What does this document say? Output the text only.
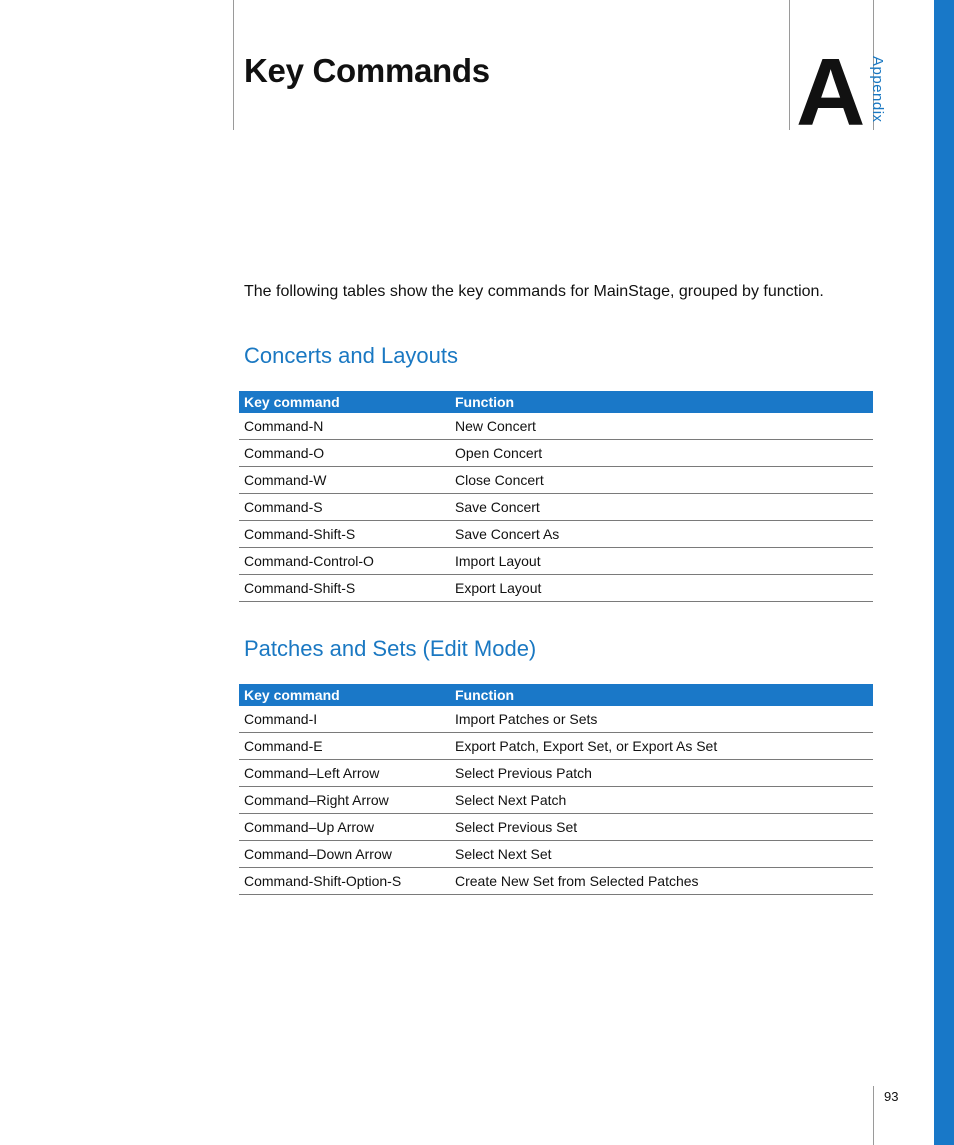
Key Commands	A Appendix

The following tables show the key commands for MainStage, grouped by function.

Concerts and Layouts
Key command	Function
Command-N	New Concert
Command-O	Open Concert
Command-W	Close Concert
Command-S	Save Concert
Command-Shift-S	Save Concert As
Command-Control-O	Import Layout
Command-Shift-S	Export Layout
Patches and Sets (Edit Mode)
Key command	Function
Command-I	Import Patches or Sets
Command-E	Export Patch, Export Set, or Export As Set
Command–Left Arrow	Select Previous Patch
Command–Right Arrow	Select Next Patch
Command–Up Arrow	Select Previous Set
Command–Down Arrow	Select Next Set
Command-Shift-Option-S	Create New Set from Selected Patches
93
